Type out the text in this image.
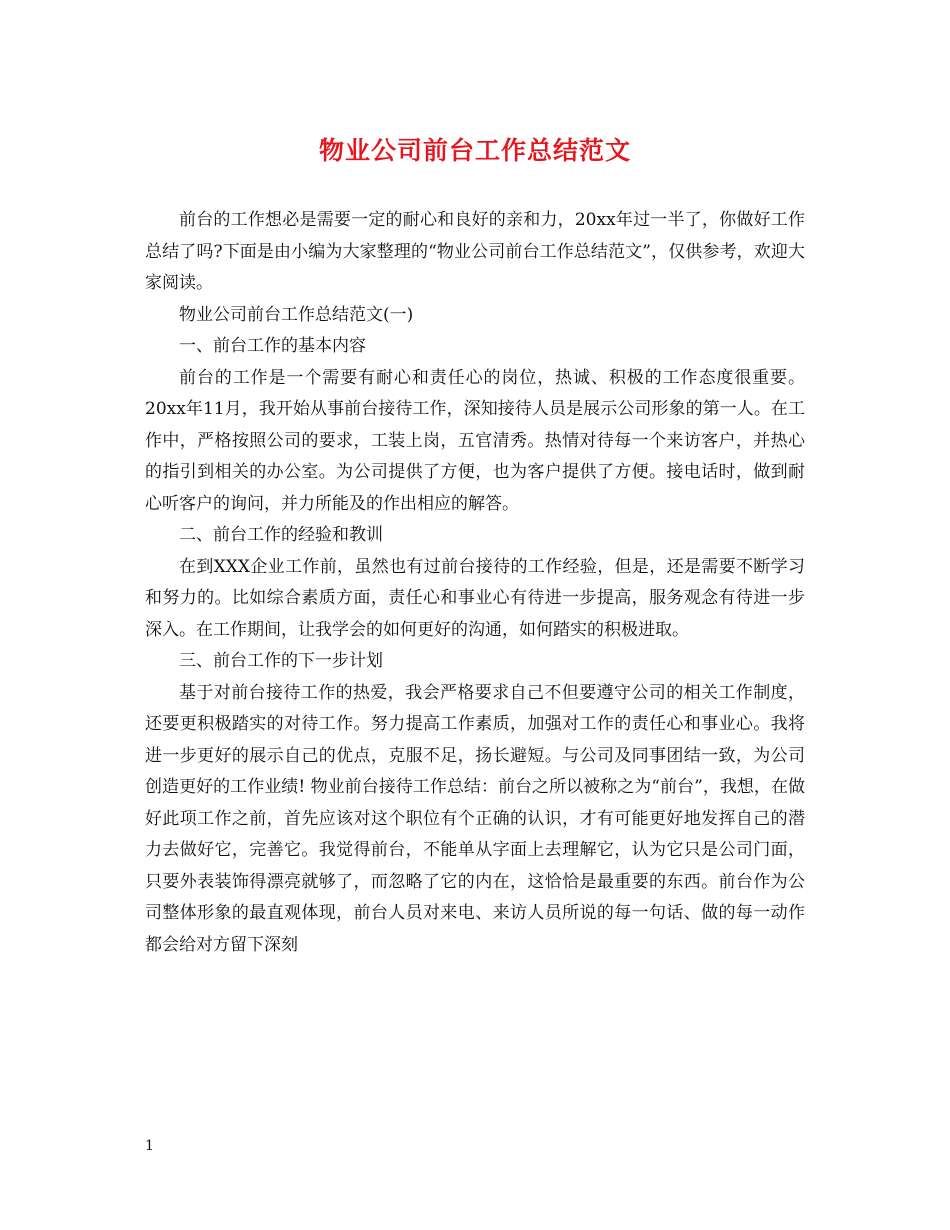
物业公司前台工作总结范文

前台的工作想必是需要一定的耐心和良好的亲和力，20xx年过一半了，你做好工作总结了吗?下面是由小编为大家整理的“物业公司前台工作总结范文”，仅供参考，欢迎大家阅读。

物业公司前台工作总结范文(一)

一、前台工作的基本内容

前台的工作是一个需要有耐心和责任心的岗位，热诚、积极的工作态度很重要。20xx年11月，我开始从事前台接待工作，深知接待人员是展示公司形象的第一人。在工作中，严格按照公司的要求，工装上岗，五官清秀。热情对待每一个来访客户，并热心的指引到相关的办公室。为公司提供了方便，也为客户提供了方便。接电话时，做到耐心听客户的询问，并力所能及的作出相应的解答。

二、前台工作的经验和教训

在到XXX企业工作前，虽然也有过前台接待的工作经验，但是，还是需要不断学习和努力的。比如综合素质方面，责任心和事业心有待进一步提高，服务观念有待进一步深入。在工作期间，让我学会的如何更好的沟通，如何踏实的积极进取。

三、前台工作的下一步计划

基于对前台接待工作的热爱，我会严格要求自己不但要遵守公司的相关工作制度，还要更积极踏实的对待工作。努力提高工作素质，加强对工作的责任心和事业心。我将进一步更好的展示自己的优点，克服不足，扬长避短。与公司及同事团结一致，为公司创造更好的工作业绩! 物业前台接待工作总结：前台之所以被称之为“前台”，我想，在做好此项工作之前，首先应该对这个职位有个正确的认识，才有可能更好地发挥自己的潜力去做好它，完善它。我觉得前台，不能单从字面上去理解它，认为它只是公司门面，只要外表装饰得漂亮就够了，而忽略了它的内在，这恰恰是最重要的东西。前台作为公司整体形象的最直观体现，前台人员对来电、来访人员所说的每一句话、做的每一动作都会给对方留下深刻

1
